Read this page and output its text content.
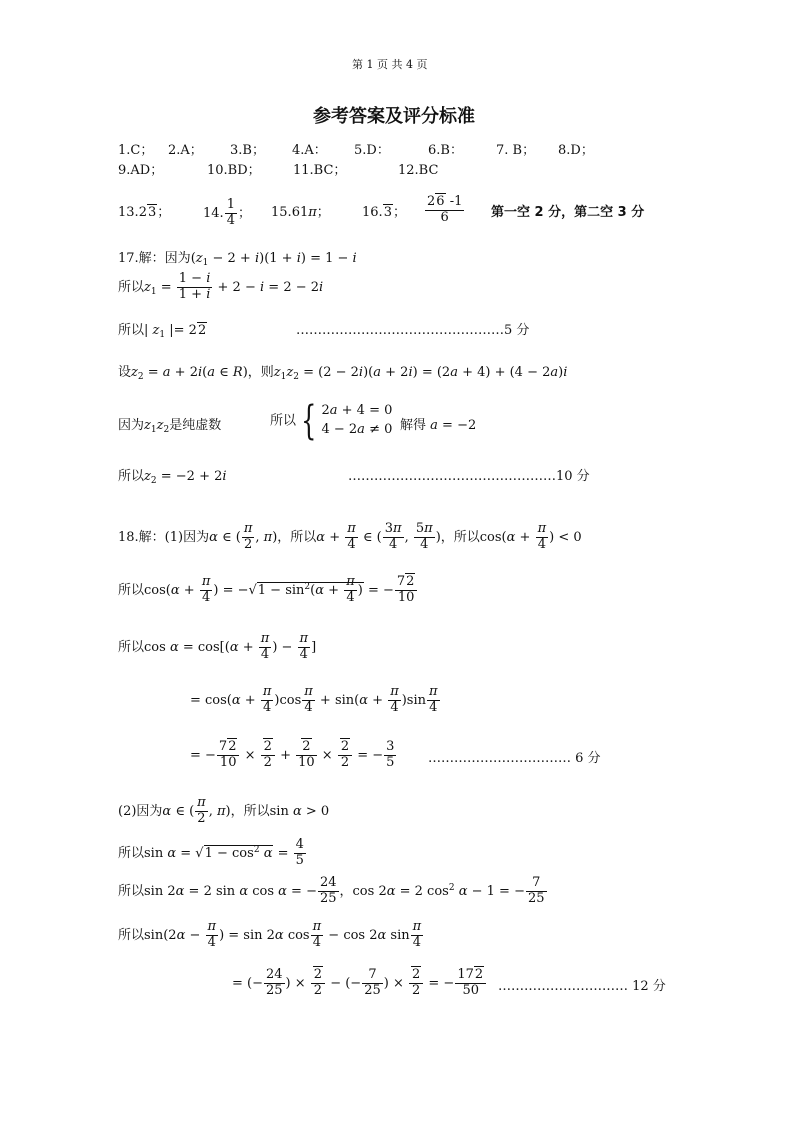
第 1 页 共 4 页
参考答案及评分标准
1.C； 2.A； 3.B； 4.A： 5.D：	6.B：	7. B； 8.D；
9.AD；	10.BD； 11.BC；	12.BC
13.23；	14. $\frac{1}{4}$ ； 15.61π； 16.3； $\frac{26 -1}{6}$ 第一空 2 分，第二空 3 分
17.解：因为$(z_1 - 2 + i)(1 + i) = 1 - i$
所以$z_1 = \frac{1 - i}{1 + i} + 2 - i = 2 - 2i$
所以| $z_1$ |= 22	…………………………………………5 分
设$z_2 = a + 2i(a$ ∈ R)，则$z_1z_2 = (2 - 2i)(a + 2i) = (2a + 4) + (4 - 2a)i$
因为$z_1z_2$是纯虚数	所以 { 2a + 4 = 0
4 − 2a ≠ 0 解得 a = −2
所以$z_2 = -2 + 2i$	…………………………………………10 分
18.解：(1)因为α ∈ ( $\frac{\pi}{2}$ , π)，所以$\alpha + \frac{\pi}{4}$ ∈ ( $\frac{3\pi}{4}$ , $\frac{5\pi}{4}$ )，所以$\cos(\alpha + \frac{\pi}{4}$ ) < 0
所以$\cos(\alpha + \frac{\pi}{4}$ ) = $-√1 - \sin^2(\alpha + \frac{\pi}{4}$ ) = − $\frac{72}{10}$
所以$\cos \alpha = \cos[(\alpha + \frac{\pi}{4}$ ) − $\frac{\pi}{4}$ ]
= $\cos(\alpha + \frac{\pi}{4} )\cos \frac{\pi}{4} + \sin(\alpha + \frac{\pi}{4} )\sin \frac{\pi}{4}$
= − $\frac{72}{10} \times \frac{2}{2} + \frac{2}{10} \times \frac{2}{2}$ = − $\frac{3}{5}$ …………………………… 6 分
(2)因为α ∈ ( $\frac{\pi}{2}$ , π)，所以sin α > 0
所以$\sin \alpha = √1 - \cos^2 \alpha = \frac{4}{5}$
所以sin 2α = 2 sin α cos α = − $\frac{24}{25}$ ，cos 2α = 2 $\cos^2 \alpha - 1$ = − $\frac{7}{25}$
所以$\sin(2\alpha - \frac{\pi}{4}$ ) = sin 2α $\cos \frac{\pi}{4} - \cos 2\alpha$ $\sin \frac{\pi}{4}$
= (− $\frac{24}{25}$ ) × $\frac{2}{2}$ − (− $\frac{7}{25}$ ) × $\frac{2}{2}$ = − $\frac{172}{50}$ ………………………… 12 分
